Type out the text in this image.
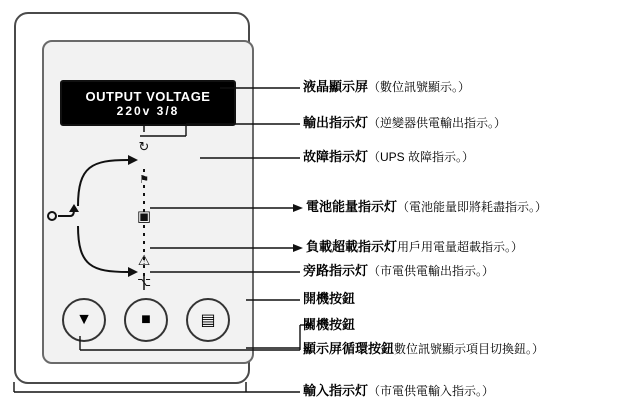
OUTPUT VOLTAGE
220v 3/8
↻
⚑
▣
⚠
⌥
▼	■	▤
液晶顯示屏（數位訊號顯示。）
輸出指示灯（逆變器供電輸出指示。）
故障指示灯（UPS 故障指示。）
電池能量指示灯（電池能量即將耗盡指示。）
負載超載指示灯用戶用電量超載指示。）
旁路指示灯（市電供電輸出指示。）
開機按鈕
關機按鈕
顯示屏循環按鈕數位訊號顯示項目切換鈕。）
輸入指示灯（市電供電輸入指示。）
